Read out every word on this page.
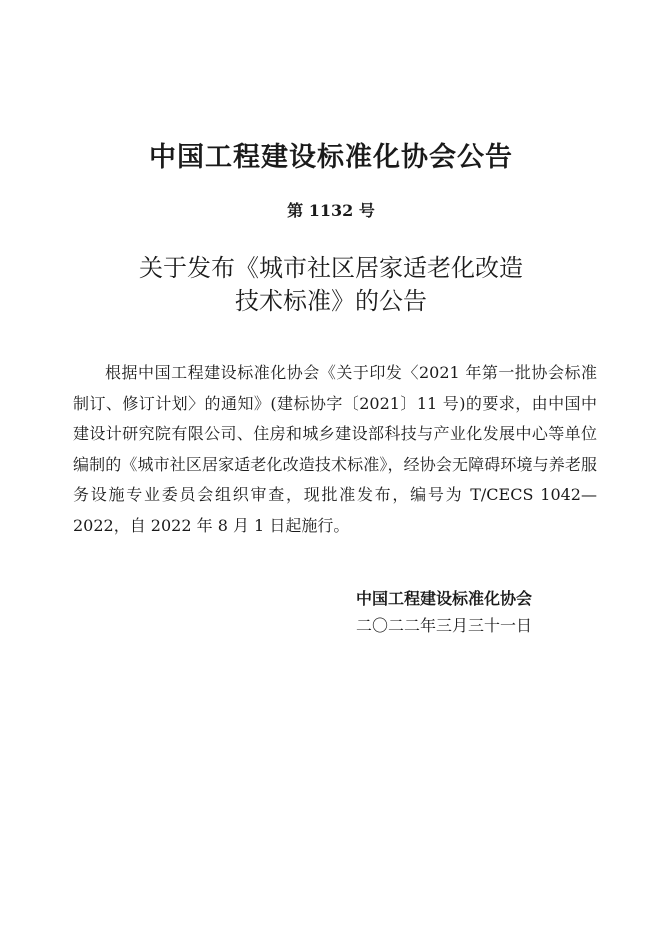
中国工程建设标准化协会公告
第 1132 号
关于发布《城市社区居家适老化改造
技术标准》的公告

根据中国工程建设标准化协会《关于印发〈2021 年第一批协会标准制订、修订计划〉的通知》(建标协字〔2021〕11 号)的要求，由中国中建设计研究院有限公司、住房和城乡建设部科技与产业化发展中心等单位编制的《城市社区居家适老化改造技术标准》，经协会无障碍环境与养老服务设施专业委员会组织审查，现批准发布，编号为 T/CECS 1042—2022，自 2022 年 8 月 1 日起施行。

中国工程建设标准化协会
二〇二二年三月三十一日
